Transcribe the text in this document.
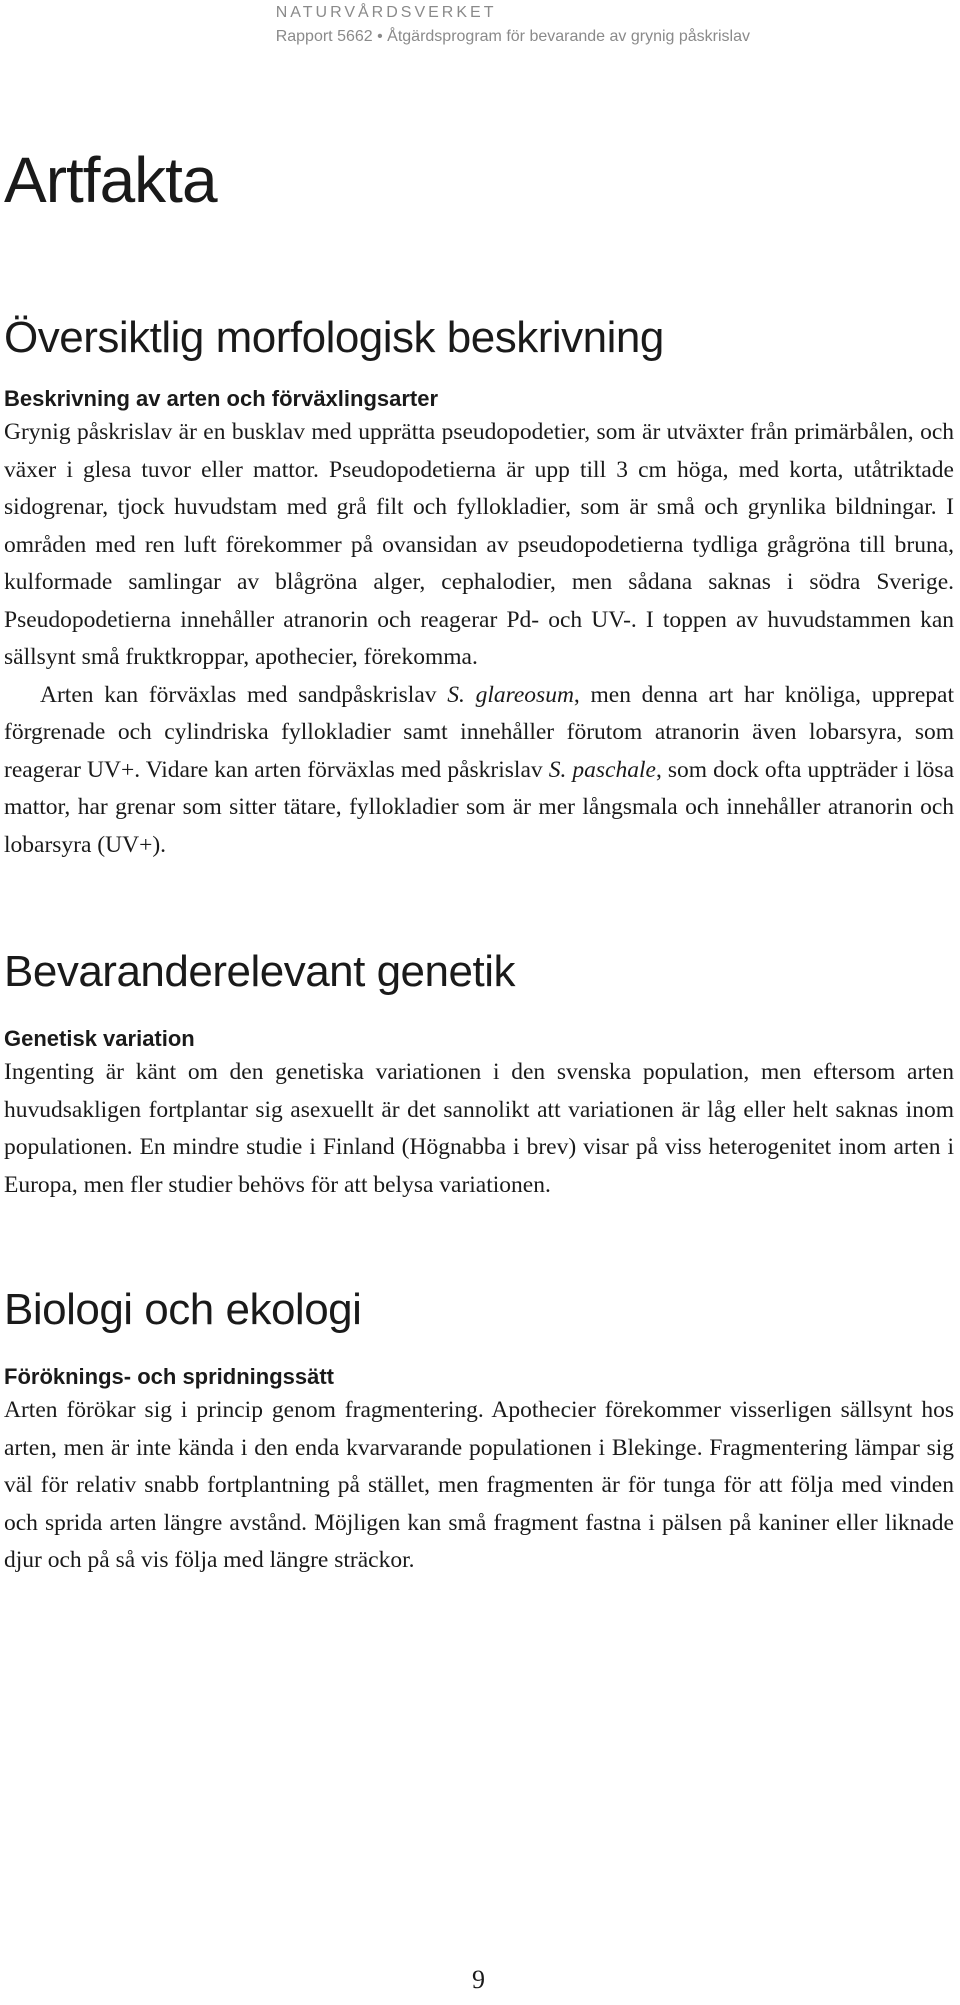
NATURVÅRDSVERKET
Rapport 5662 • Åtgärdsprogram för bevarande av grynig påskrislav
Artfakta
Översiktlig morfologisk beskrivning
Beskrivning av arten och förväxlingsarter

Grynig påskrislav är en busklav med upprätta pseudopodetier, som är utväxter från primärbålen, och växer i glesa tuvor eller mattor. Pseudopodetierna är upp till 3 cm höga, med korta, utåtriktade sidogrenar, tjock huvudstam med grå filt och fyllokladier, som är små och grynlika bildningar. I områden med ren luft förekommer på ovansidan av pseudopodetierna tydliga grågröna till bruna, kulformade samlingar av blågröna alger, cephalodier, men sådana saknas i södra Sverige. Pseudopodetierna innehåller atranorin och reagerar Pd- och UV-. I toppen av huvudstammen kan sällsynt små fruktkroppar, apothecier, förekomma.

Arten kan förväxlas med sandpåskrislav S. glareosum, men denna art har knöliga, upprepat förgrenade och cylindriska fyllokladier samt innehåller förutom atranorin även lobarsyra, som reagerar UV+. Vidare kan arten förväxlas med påskrislav S. paschale, som dock ofta uppträder i lösa mattor, har grenar som sitter tätare, fyllokladier som är mer långsmala och innehåller atranorin och lobarsyra (UV+).

Bevaranderelevant genetik
Genetisk variation

Ingenting är känt om den genetiska variationen i den svenska population, men eftersom arten huvudsakligen fortplantar sig asexuellt är det sannolikt att variationen är låg eller helt saknas inom populationen. En mindre studie i Finland (Högnabba i brev) visar på viss heterogenitet inom arten i Europa, men fler studier behövs för att belysa variationen.

Biologi och ekologi
Föröknings- och spridningssätt

Arten förökar sig i princip genom fragmentering. Apothecier förekommer visserligen sällsynt hos arten, men är inte kända i den enda kvarvarande populationen i Blekinge. Fragmentering lämpar sig väl för relativ snabb fortplantning på stället, men fragmenten är för tunga för att följa med vinden och sprida arten längre avstånd. Möjligen kan små fragment fastna i pälsen på kaniner eller liknade djur och på så vis följa med längre sträckor.

9
